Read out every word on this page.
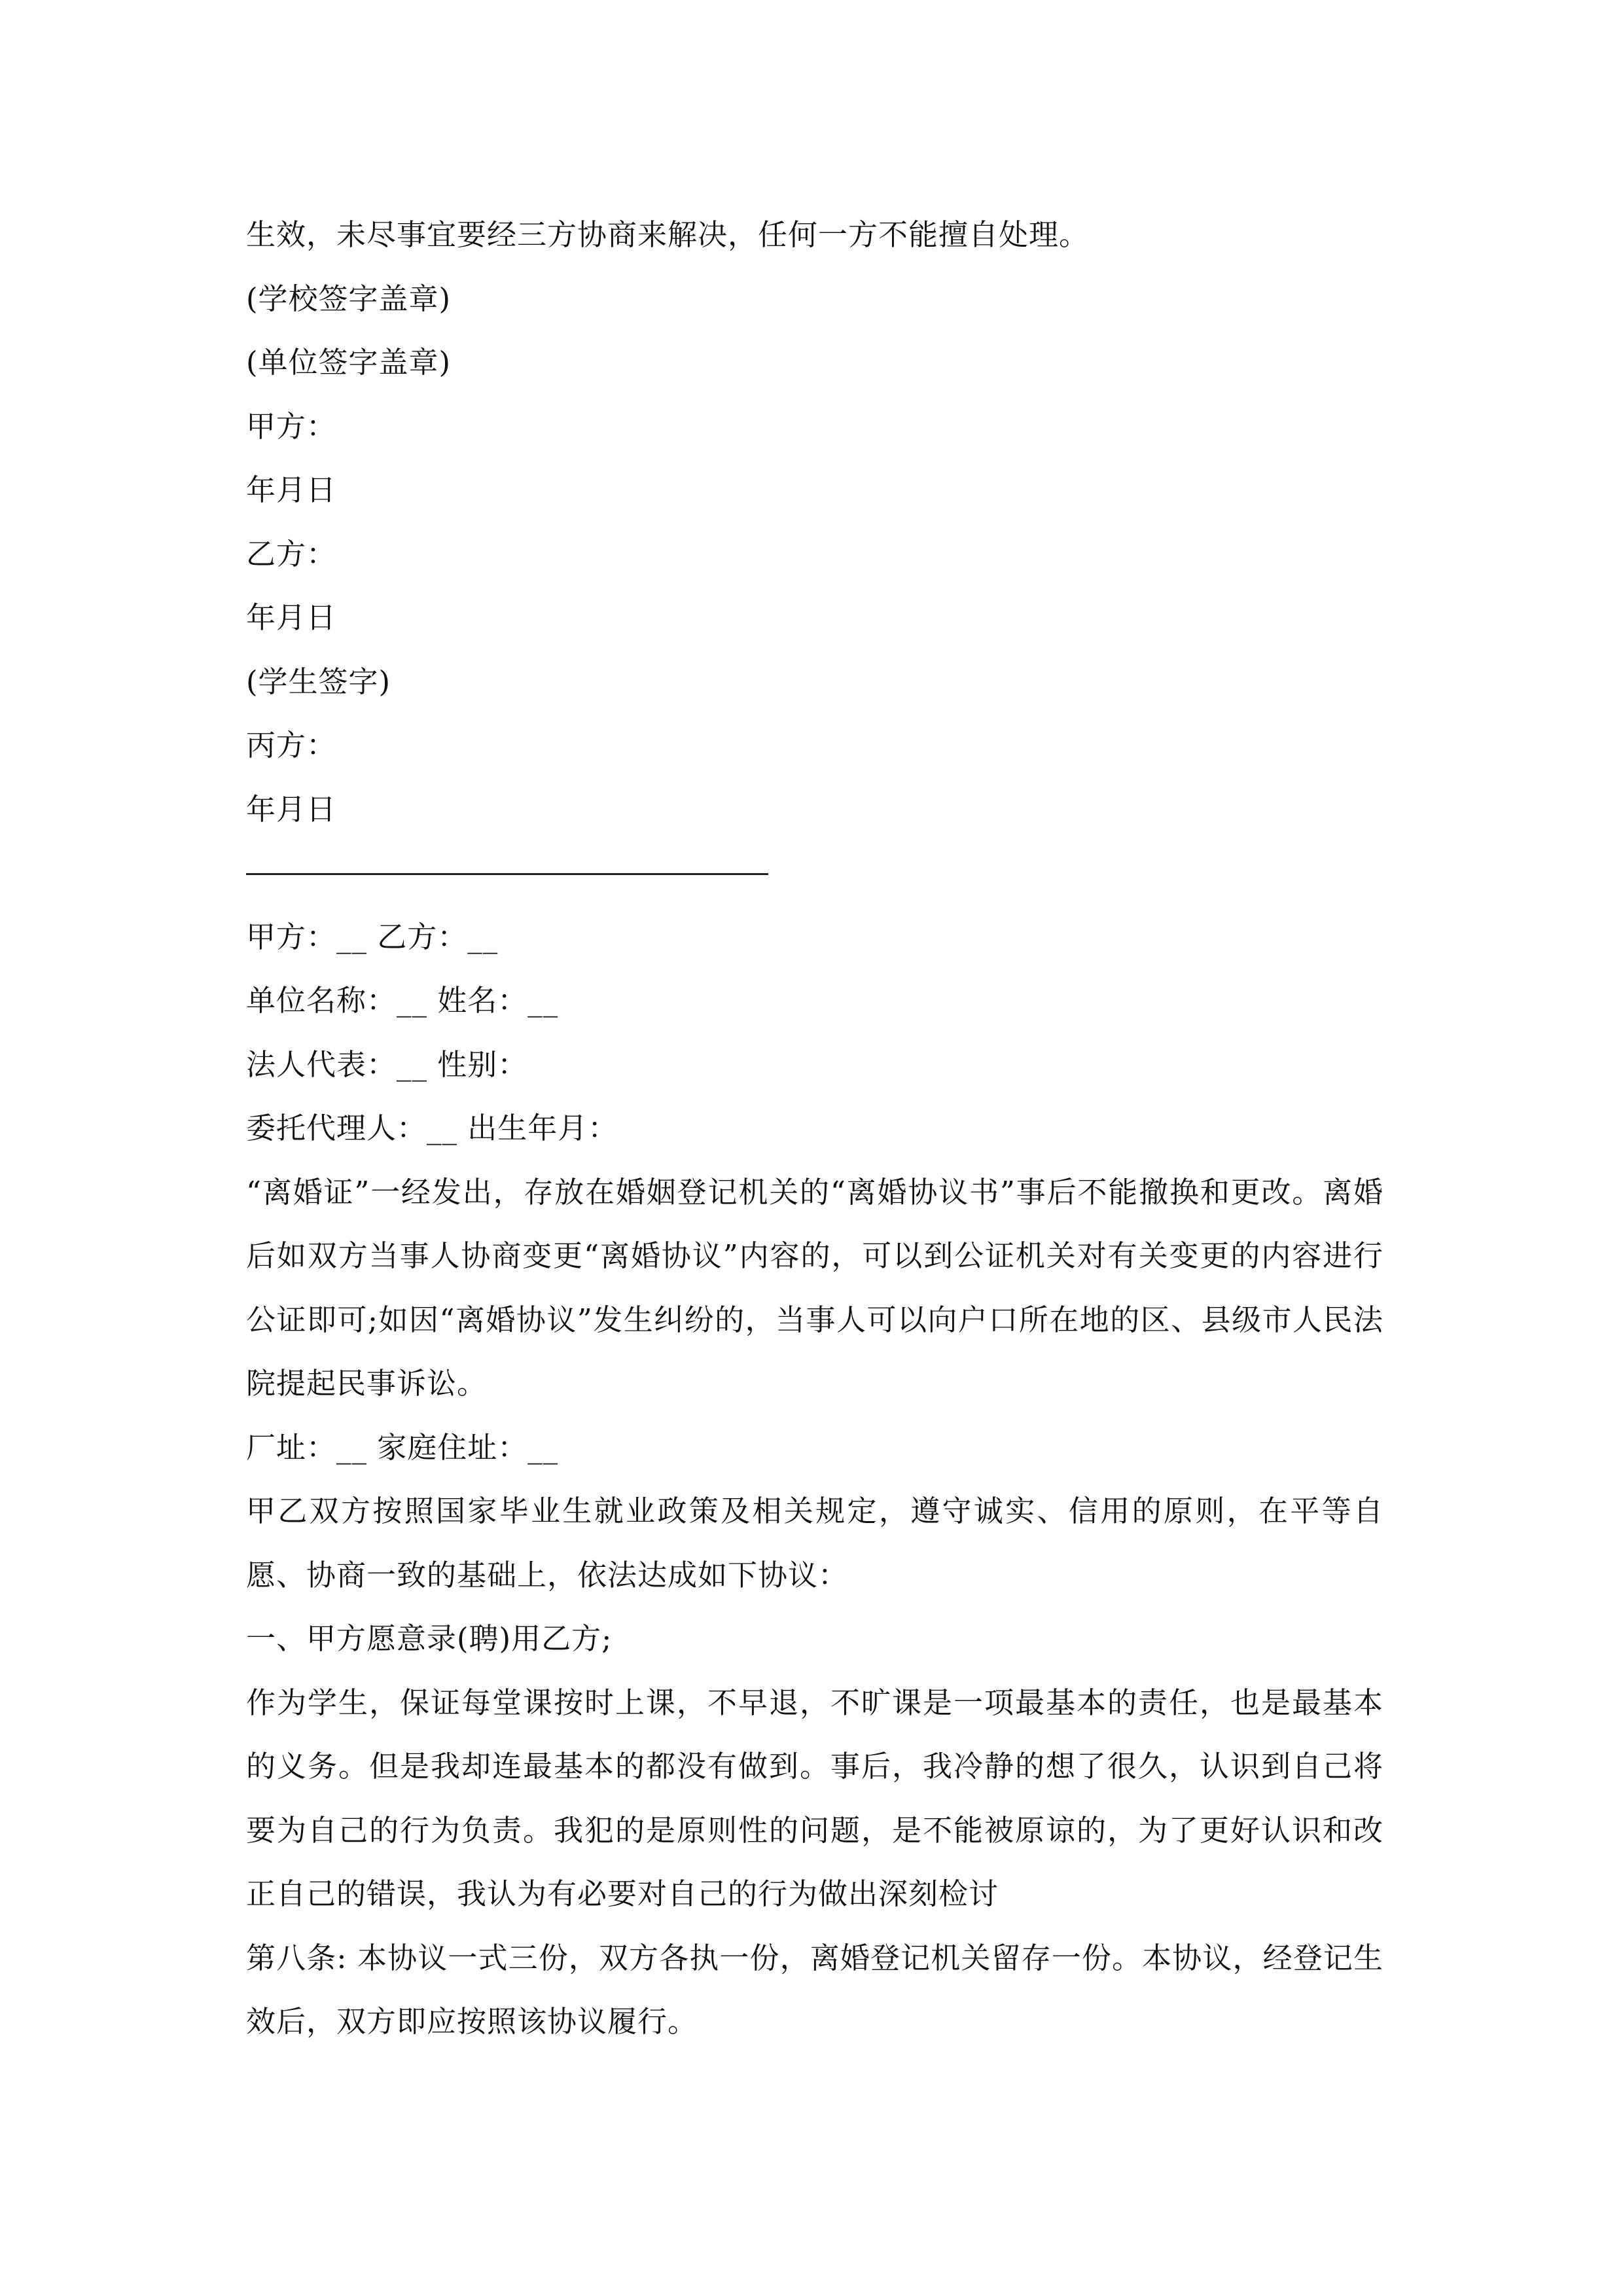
生效，未尽事宜要经三方协商来解决，任何一方不能擅自处理。
(学校签字盖章)
(单位签字盖章)
甲方：
年月日
乙方：
年月日
(学生签字)
丙方：
年月日
甲方：__ 乙方：__
单位名称：__ 姓名：__
法人代表：__ 性别：
委托代理人：__ 出生年月：
“离婚证”一经发出，存放在婚姻登记机关的“离婚协议书”事后不能撤换和更改。离婚后如双方当事人协商变更“离婚协议”内容的，可以到公证机关对有关变更的内容进行公证即可;如因“离婚协议”发生纠纷的，当事人可以向户口所在地的区、县级市人民法院提起民事诉讼。
厂址：__ 家庭住址：__
甲乙双方按照国家毕业生就业政策及相关规定，遵守诚实、信用的原则，在平等自愿、协商一致的基础上，依法达成如下协议：
一、甲方愿意录(聘)用乙方;
作为学生，保证每堂课按时上课，不早退，不旷课是一项最基本的责任，也是最基本的义务。但是我却连最基本的都没有做到。事后，我冷静的想了很久，认识到自己将要为自己的行为负责。我犯的是原则性的问题，是不能被原谅的，为了更好认识和改正自己的错误，我认为有必要对自己的行为做出深刻检讨
第八条: 本协议一式三份，双方各执一份，离婚登记机关留存一份。本协议，经登记生效后，双方即应按照该协议履行。
